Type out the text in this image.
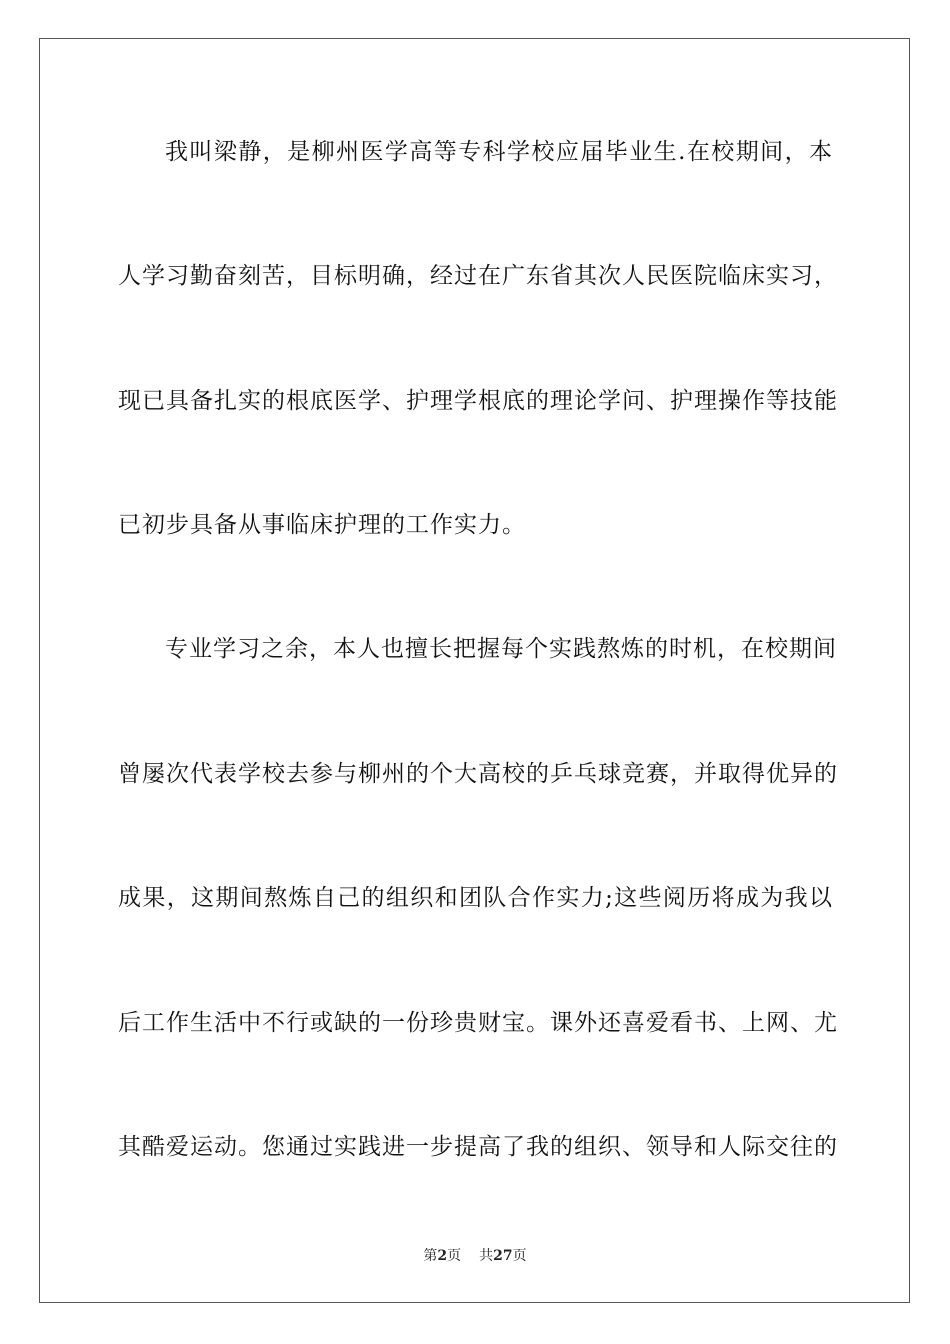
我叫梁静，是柳州医学高等专科学校应届毕业生.在校期间，本
人学习勤奋刻苦，目标明确，经过在广东省其次人民医院临床实习，
现已具备扎实的根底医学、护理学根底的理论学问、护理操作等技能
已初步具备从事临床护理的工作实力。
专业学习之余，本人也擅长把握每个实践熬炼的时机，在校期间
曾屡次代表学校去参与柳州的个大高校的乒乓球竞赛，并取得优异的
成果，这期间熬炼自己的组织和团队合作实力;这些阅历将成为我以
后工作生活中不行或缺的一份珍贵财宝。课外还喜爱看书、上网、尤
其酷爱运动。您通过实践进一步提高了我的组织、领导和人际交往的
第2页 共27页
